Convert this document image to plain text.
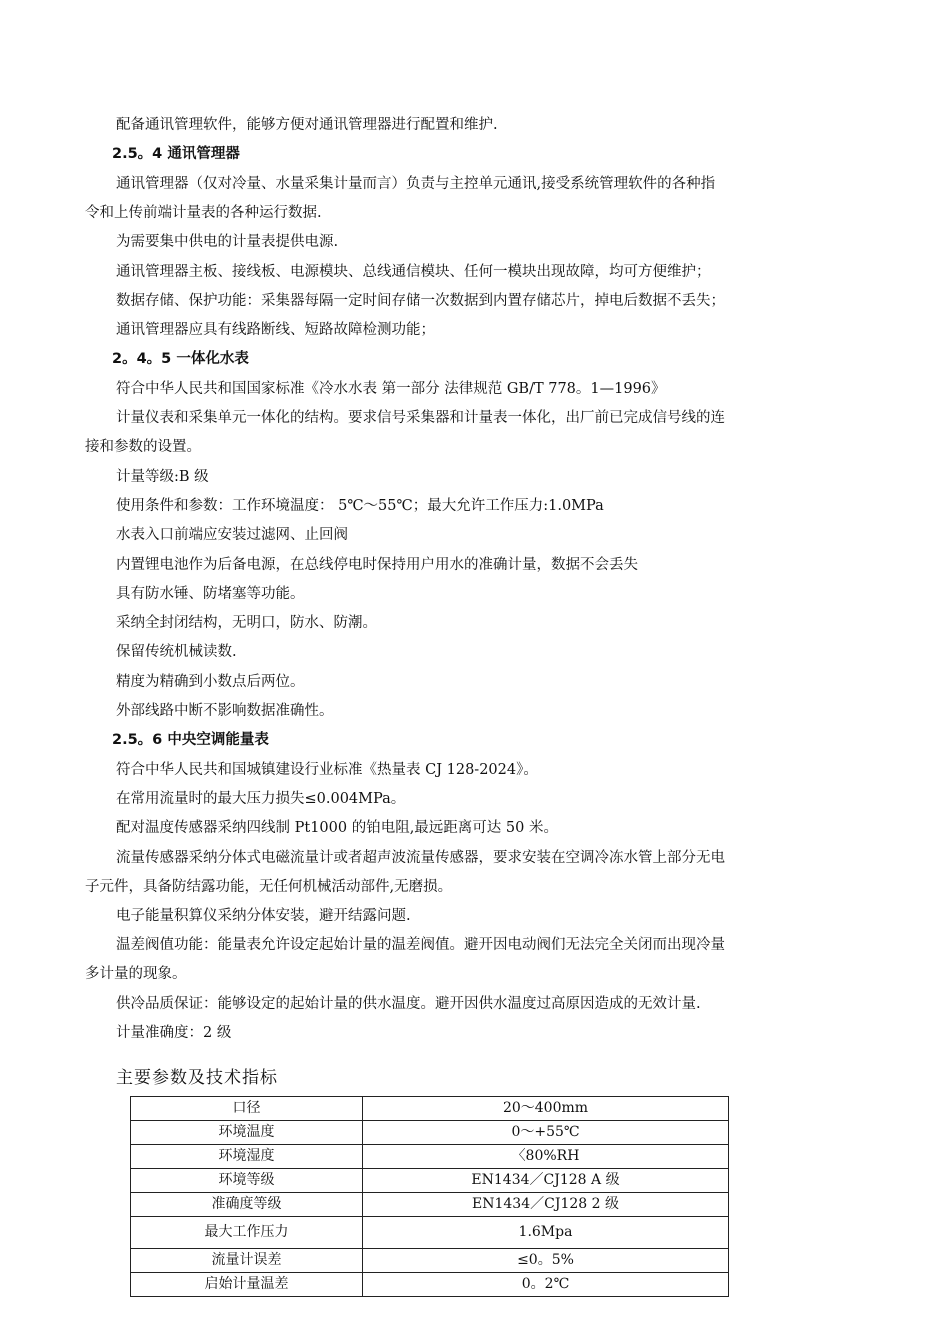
配备通讯管理软件，能够方便对通讯管理器进行配置和维护.
2.5。4 通讯管理器
通讯管理器（仅对冷量、水量采集计量而言）负责与主控单元通讯,接受系统管理软件的各种指
令和上传前端计量表的各种运行数据.
为需要集中供电的计量表提供电源.
通讯管理器主板、接线板、电源模块、总线通信模块、任何一模块出现故障，均可方便维护；
数据存储、保护功能：采集器每隔一定时间存储一次数据到内置存储芯片，掉电后数据不丢失；
通讯管理器应具有线路断线、短路故障检测功能；
2。4。5 一体化水表
符合中华人民共和国国家标准《冷水水表 第一部分 法律规范 GB/T 778。1—1996》
计量仪表和采集单元一体化的结构。要求信号采集器和计量表一体化，出厂前已完成信号线的连
接和参数的设置。
计量等级:B 级
使用条件和参数：工作环境温度： 5℃～55℃；最大允许工作压力:1.0MPa
水表入口前端应安装过滤网、止回阀
内置锂电池作为后备电源，在总线停电时保持用户用水的准确计量，数据不会丢失
具有防水锤、防堵塞等功能。
采纳全封闭结构，无明口，防水、防潮。
保留传统机械读数.
精度为精确到小数点后两位。
外部线路中断不影响数据准确性。
2.5。6 中央空调能量表
符合中华人民共和国城镇建设行业标准《热量表 CJ 128-2024》。
在常用流量时的最大压力损失≤0.004MPa。
配对温度传感器采纳四线制 Pt1000 的铂电阻,最远距离可达 50 米。
流量传感器采纳分体式电磁流量计或者超声波流量传感器，要求安装在空调冷冻水管上部分无电
子元件，具备防结露功能，无任何机械活动部件,无磨损。
电子能量积算仪采纳分体安装，避开结露问题.
温差阀值功能：能量表允许设定起始计量的温差阀值。避开因电动阀们无法完全关闭而出现冷量
多计量的现象。
供冷品质保证：能够设定的起始计量的供水温度。避开因供水温度过高原因造成的无效计量.
计量准确度：2 级
主要参数及技术指标
口径	20～400mm
环境温度	0～+55℃
环境湿度	〈80%RH
环境等级	EN1434／CJ128 A 级
准确度等级	EN1434／CJ128 2 级
最大工作压力	1.6Mpa
流量计误差	≤0。5%
启始计量温差	0。2℃
